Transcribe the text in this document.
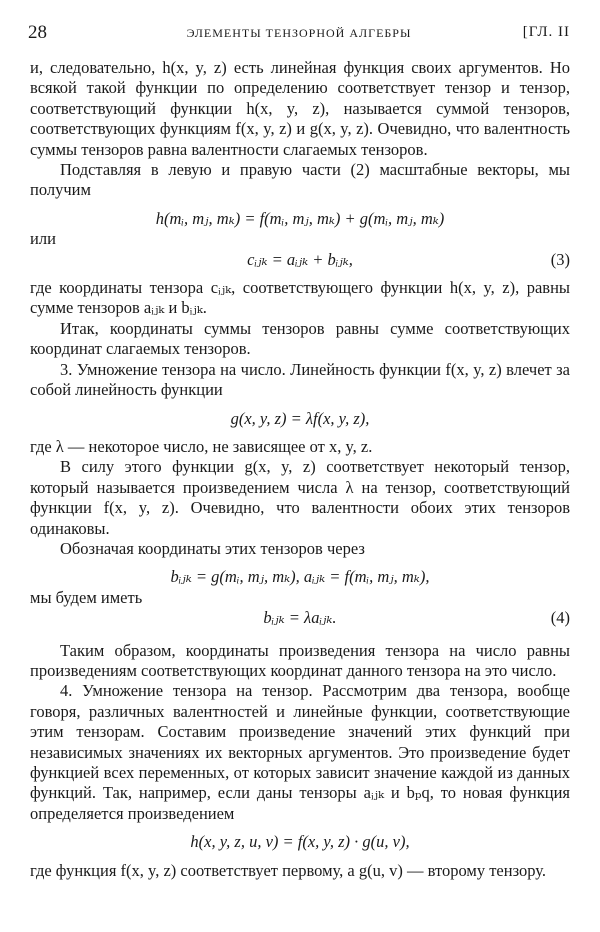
28	ЭЛЕМЕНТЫ ТЕНЗОРНОЙ АЛГЕБРЫ	[ГЛ. II

и, следовательно, h(x, y, z) есть линейная функция своих аргументов. Но всякой такой функции по определению соответствует тензор и тензор, соответствующий функции h(x, y, z), называется суммой тензоров, соответствующих функциям f(x, y, z) и g(x, y, z). Очевидно, что валентность суммы тензоров равна валентности слагаемых тензоров.

Подставляя в левую и правую части (2) масштабные векторы, мы получим

h(mᵢ, mⱼ, mₖ) = f(mᵢ, mⱼ, mₖ) + g(mᵢ, mⱼ, mₖ)

или

cᵢⱼₖ = aᵢⱼₖ + bᵢⱼₖ,	(3)

где координаты тензора cᵢⱼₖ, соответствующего функции h(x, y, z), равны сумме тензоров aᵢⱼₖ и bᵢⱼₖ.

Итак, координаты суммы тензоров равны сумме соответствующих координат слагаемых тензоров.

3. Умножение тензора на число. Линейность функции f(x, y, z) влечет за собой линейность функции

g(x, y, z) = λf(x, y, z),

где λ — некоторое число, не зависящее от x, y, z.

В силу этого функции g(x, y, z) соответствует некоторый тензор, который называется произведением числа λ на тензор, соответствующий функции f(x, y, z). Очевидно, что валентности обоих этих тензоров одинаковы.

Обозначая координаты этих тензоров через

bᵢⱼₖ = g(mᵢ, mⱼ, mₖ), aᵢⱼₖ = f(mᵢ, mⱼ, mₖ),

мы будем иметь

bᵢⱼₖ = λaᵢⱼₖ.	(4)

Таким образом, координаты произведения тензора на число равны произведениям соответствующих координат данного тензора на это число.

4. Умножение тензора на тензор. Рассмотрим два тензора, вообще говоря, различных валентностей и линейные функции, соответствующие этим тензорам. Составим произведение значений этих функций при независимых значениях их векторных аргументов. Это произведение будет функцией всех переменных, от которых зависит значение каждой из данных функций. Так, например, если даны тензоры aᵢⱼₖ и bₚq, то новая функция определяется произведением

h(x, y, z, u, v) = f(x, y, z) · g(u, v),

где функция f(x, y, z) соответствует первому, а g(u, v) — второму тензору.
